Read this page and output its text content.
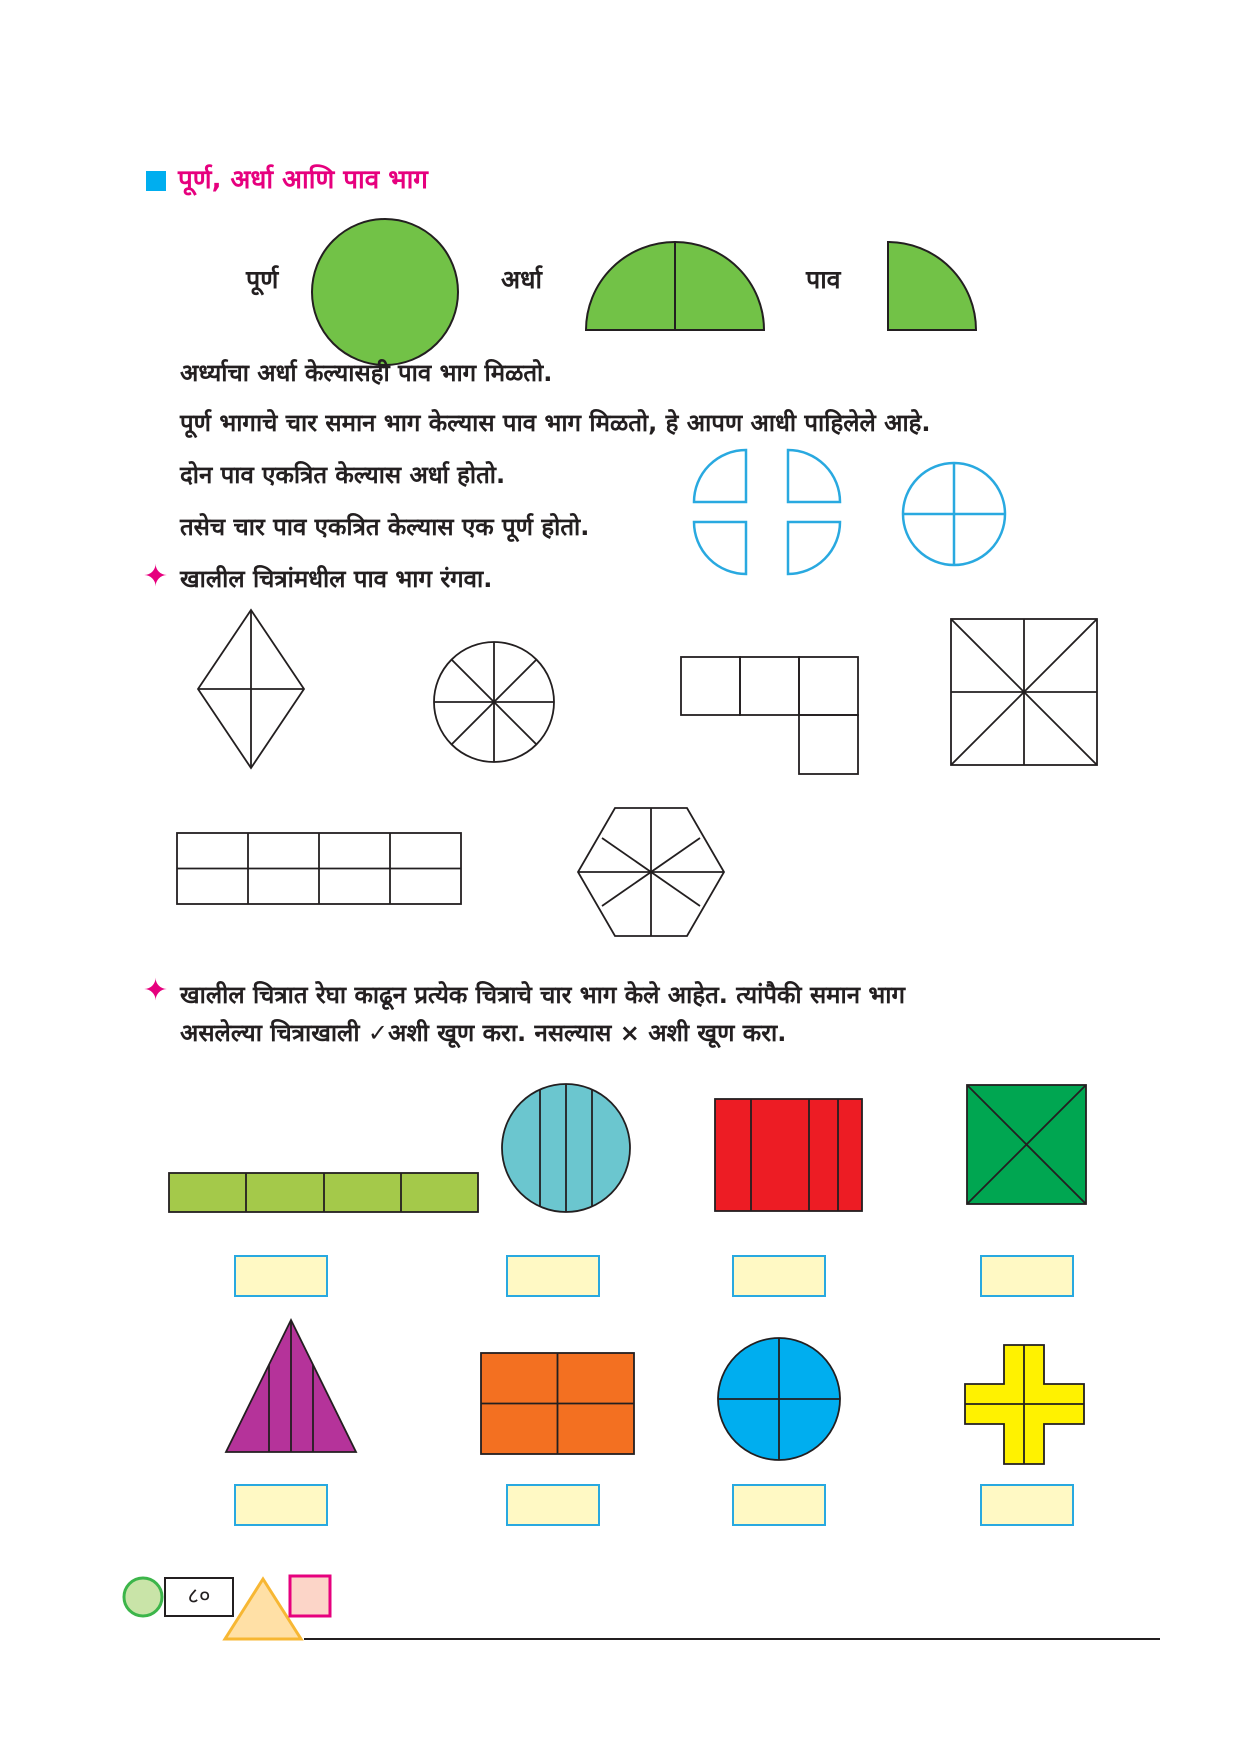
पूर्ण, अर्धा आणि पाव भाग
पूर्ण	अर्धा	पाव
अर्ध्याचा अर्धा केल्यासही पाव भाग मिळतो.
पूर्ण भागाचे चार समान भाग केल्यास पाव भाग मिळतो, हे आपण आधी पाहिलेले आहे.
दोन पाव एकत्रित केल्यास अर्धा होतो.
तसेच चार पाव एकत्रित केल्यास एक पूर्ण होतो.
✦ खालील चित्रांमधील पाव भाग रंगवा.
✦ खालील चित्रात रेघा काढून प्रत्येक चित्राचे चार भाग केले आहेत. त्यांपैकी समान भाग
असलेल्या चित्राखाली ✓अशी खूण करा. नसल्यास × अशी खूण करा.
८०
